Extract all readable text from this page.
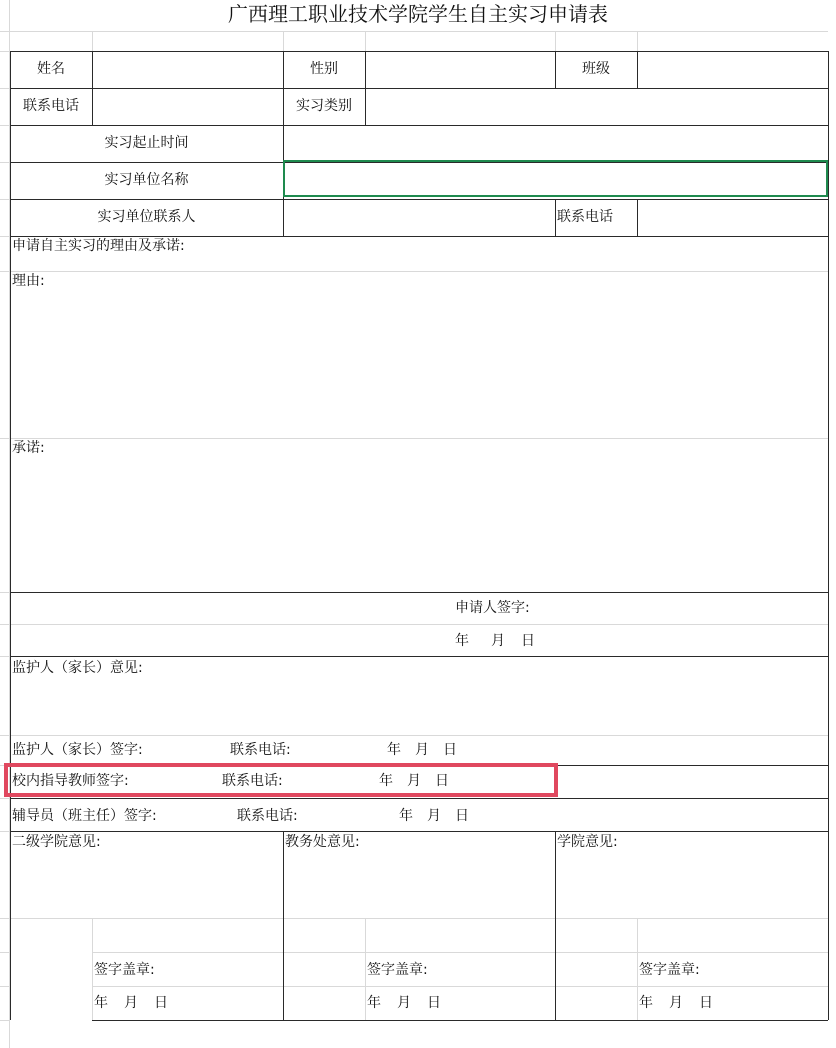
广西理工职业技术学院学生自主实习申请表
姓名	性别	班级
联系电话	实习类别
实习起止时间
实习单位名称
实习单位联系人	联系电话
申请自主实习的理由及承诺:
理由:
承诺:
申请人签字:
年 月 日
监护人（家长）意见:
监护人（家长）签字:	联系电话:	年 月 日
校内指导教师签字:	联系电话:	年 月 日
辅导员（班主任）签字:	联系电话:	年 月 日
二级学院意见:	教务处意见:	学院意见:
签字盖章:	签字盖章:	签字盖章:
年 月 日	年 月 日	年 月 日
